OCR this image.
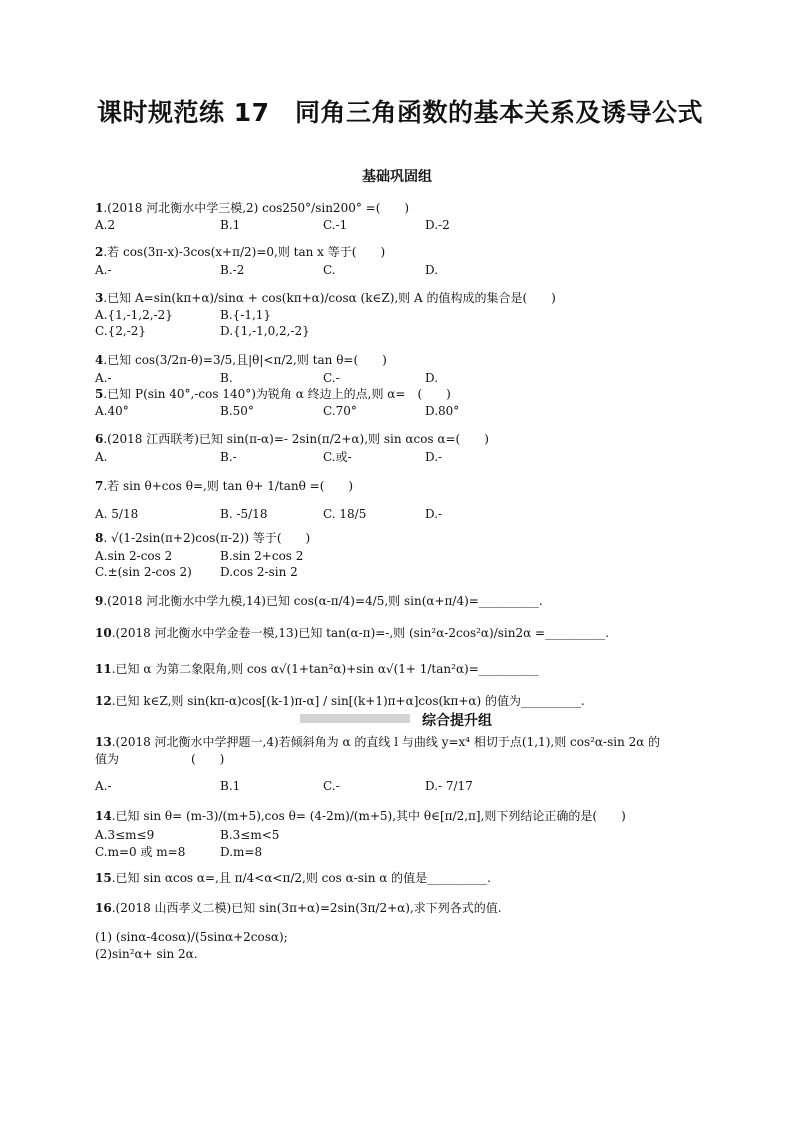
课时规范练 17　同角三角函数的基本关系及诱导公式
基础巩固组
1.(2018 河北衡水中学三模,2) cos250°/sin200° =(　　)
A.2	B.1	C.-1	D.-2
2.若 cos(3π-x)-3cos(x+π/2)=0,则 tan x 等于(　　)
A.-	B.-2	C.	D.
3.已知 A=sin(kπ+α)/sinα + cos(kπ+α)/cosα (k∈Z),则 A 的值构成的集合是(　　)
A.{1,-1,2,-2}	B.{-1,1}
C.{2,-2}	D.{1,-1,0,2,-2}
4.已知 cos(3/2π-θ)=3/5,且|θ|<π/2,则 tan θ=(　　)
A.-	B.	C.-	D.
5.已知 P(sin 40°,-cos 140°)为锐角 α 终边上的点,则 α=　(　　)
A.40°	B.50°	C.70°	D.80°
6.(2018 江西联考)已知 sin(π-α)=- 2sin(π/2+α),则 sin αcos α=(　　)
A.	B.-	C.或-	D.-
7.若 sin θ+cos θ=,则 tan θ+ 1/tanθ =(　　)
A. 5/18	B. -5/18	C. 18/5	D.-
8. √(1-2sin(π+2)cos(π-2)) 等于(　　)
A.sin 2-cos 2	B.sin 2+cos 2
C.±(sin 2-cos 2) D.cos 2-sin 2
9.(2018 河北衡水中学九模,14)已知 cos(α-π/4)=4/5,则 sin(α+π/4)=__________.
10.(2018 河北衡水中学金卷一模,13)已知 tan(α-π)=-,则 (sin²α-2cos²α)/sin2α =__________.
11.已知 α 为第二象限角,则 cos α√(1+tan²α)+sin α√(1+ 1/tan²α)=__________
12.已知 k∈Z,则 sin(kπ-α)cos[(k-1)π-α] / sin[(k+1)π+α]cos(kπ+α) 的值为__________.
综合提升组
13.(2018 河北衡水中学押题一,4)若倾斜角为 α 的直线 l 与曲线 y=x⁴ 相切于点(1,1),则 cos²α-sin 2α 的
值为　　　　　　(　　)
A.-	B.1	C.-	D.- 7/17
14.已知 sin θ= (m-3)/(m+5),cos θ= (4-2m)/(m+5),其中 θ∈[π/2,π],则下列结论正确的是(　　)
A.3≤m≤9	B.3≤m<5
C.m=0 或 m=8	D.m=8
15.已知 sin αcos α=,且 π/4<α<π/2,则 cos α-sin α 的值是__________.
16.(2018 山西孝义二模)已知 sin(3π+α)=2sin(3π/2+α),求下列各式的值.
(1) (sinα-4cosα)/(5sinα+2cosα);
(2)sin²α+ sin 2α.
